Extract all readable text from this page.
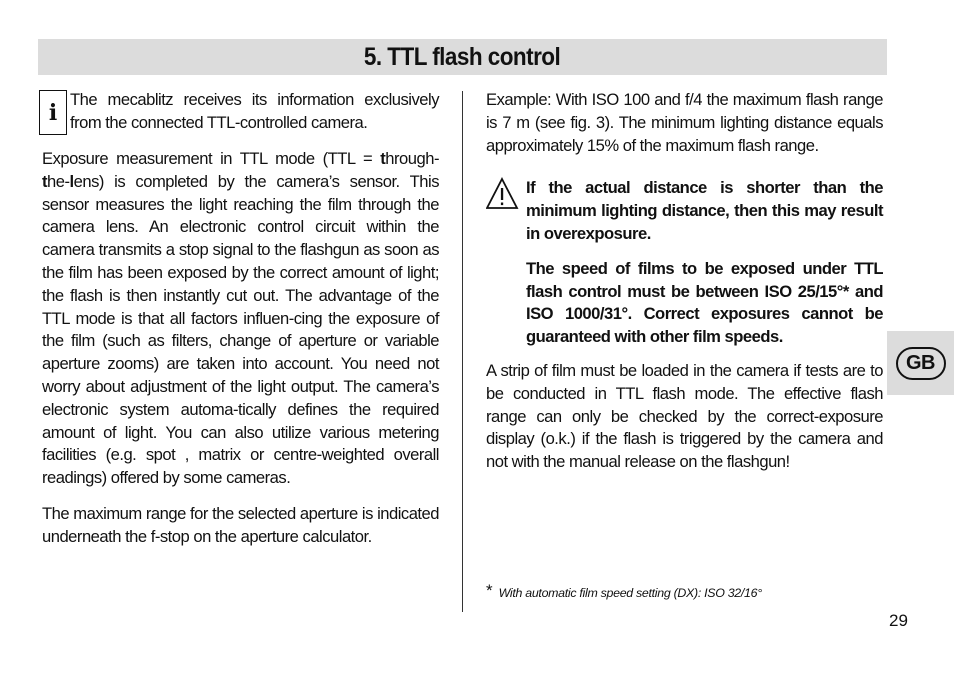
5. TTL flash control
i The mecablitz receives its information exclusively from the connected TTL-controlled camera.

Exposure measurement in TTL mode (TTL = through-the-lens) is completed by the camera’s sensor. This sensor measures the light reaching the film through the camera lens. An electronic control circuit within the camera transmits a stop signal to the flashgun as soon as the film has been exposed by the correct amount of light; the flash is then instantly cut out. The advantage of the TTL mode is that all factors influen-cing the exposure of the film (such as filters, change of aperture or variable aperture zooms) are taken into account. You need not worry about adjustment of the light output. The camera’s electronic system automa-tically defines the required amount of light. You can also utilize various metering facilities (e.g. spot , matrix or centre-weighted overall readings) offered by some cameras.

The maximum range for the selected aperture is indicated underneath the f-stop on the aperture calculator.

Example: With ISO 100 and f/4 the maximum flash range is 7 m (see fig. 3). The minimum lighting distance equals approximately 15% of the maximum flash range.

If the actual distance is shorter than the minimum lighting distance, then this may result in overexposure.
The speed of films to be exposed under TTL flash control must be between ISO 25/15°* and ISO 1000/31°. Correct exposures cannot be guaranteed with other film speeds.

A strip of film must be loaded in the camera if tests are to be conducted in TTL flash mode. The effective flash range can only be checked by the correct-exposure display (o.k.) if the flash is triggered by the camera and not with the manual release on the flashgun!

* With automatic film speed setting (DX): ISO 32/16°
GB
29
